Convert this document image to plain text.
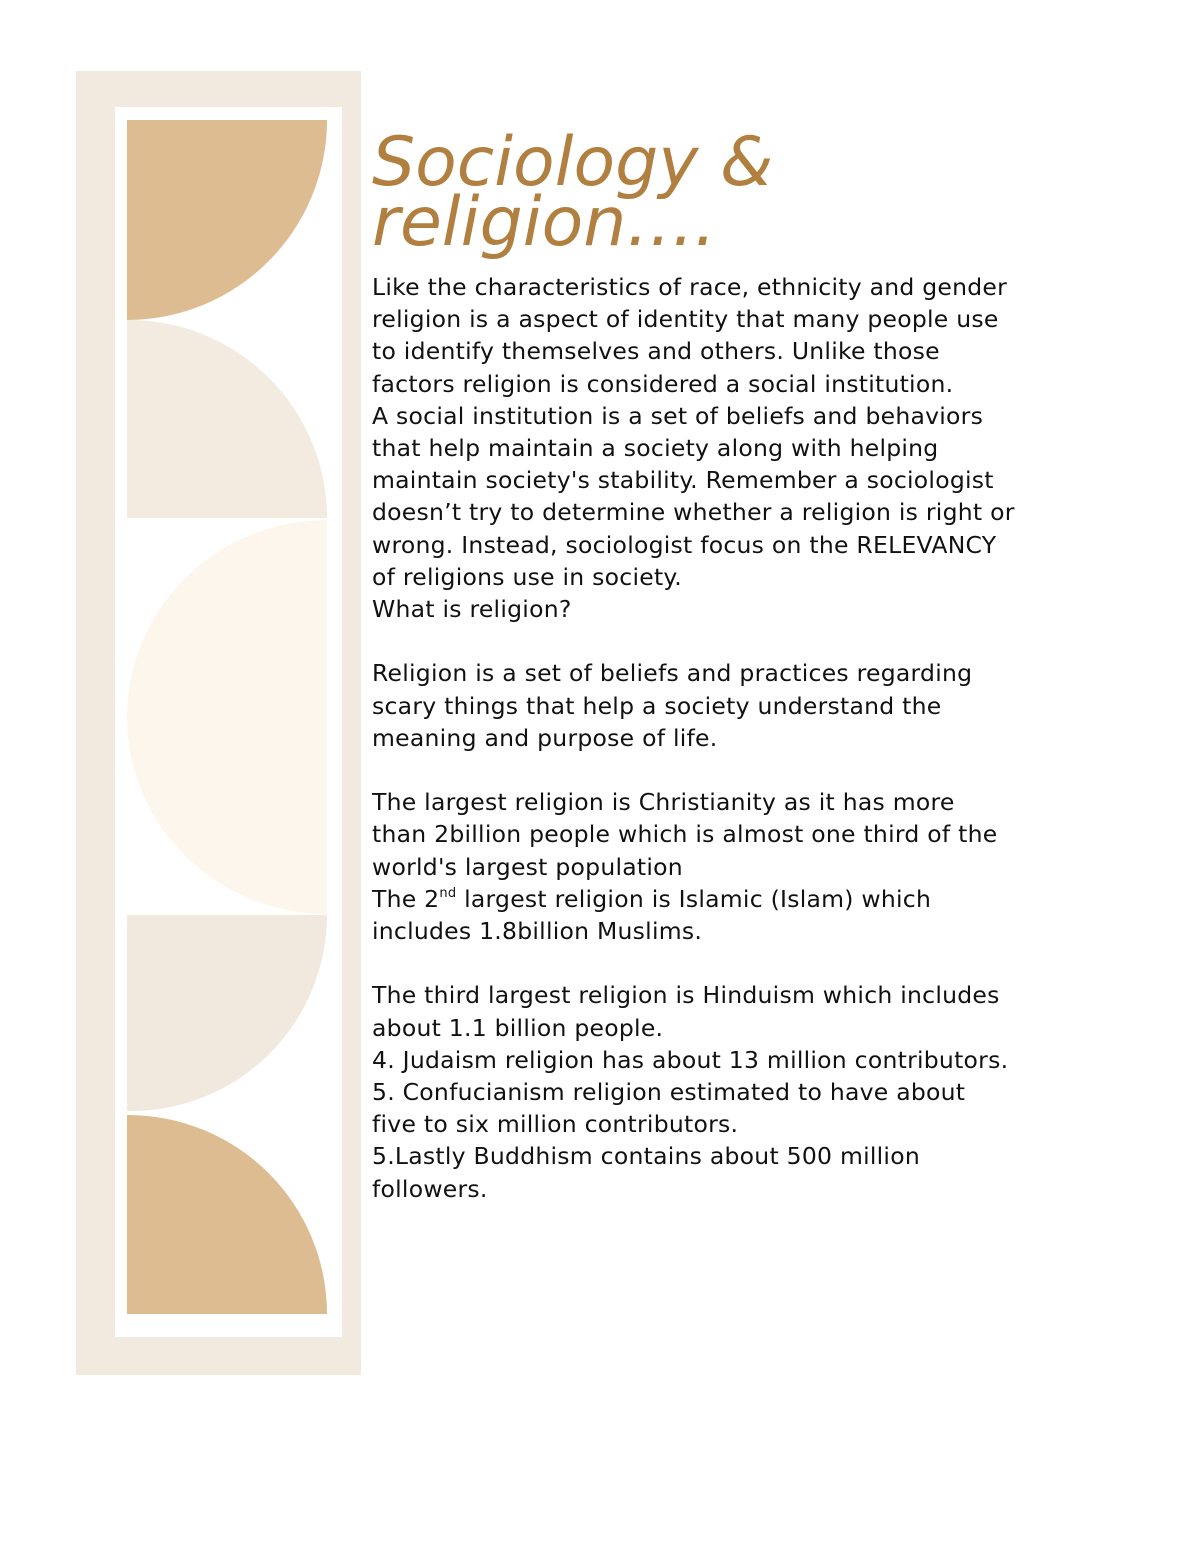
Sociology &
religion….
Like the characteristics of race, ethnicity and gender
religion is a aspect of identity that many people use
to identify themselves and others. Unlike those
factors religion is considered a social institution.
A social institution is a set of beliefs and behaviors
that help maintain a society along with helping
maintain society's stability. Remember a sociologist
doesn’t try to determine whether a religion is right or
wrong. Instead, sociologist focus on the RELEVANCY
of religions use in society.
What is religion?
Religion is a set of beliefs and practices regarding
scary things that help a society understand the
meaning and purpose of life.
The largest religion is Christianity as it has more
than 2billion people which is almost one third of the
world's largest population
The 2nd largest religion is Islamic (Islam) which
includes 1.8billion Muslims.
The third largest religion is Hinduism which includes
about 1.1 billion people.
4. Judaism religion has about 13 million contributors.
5. Confucianism religion estimated to have about
five to six million contributors.
5.Lastly Buddhism contains about 500 million
followers.
